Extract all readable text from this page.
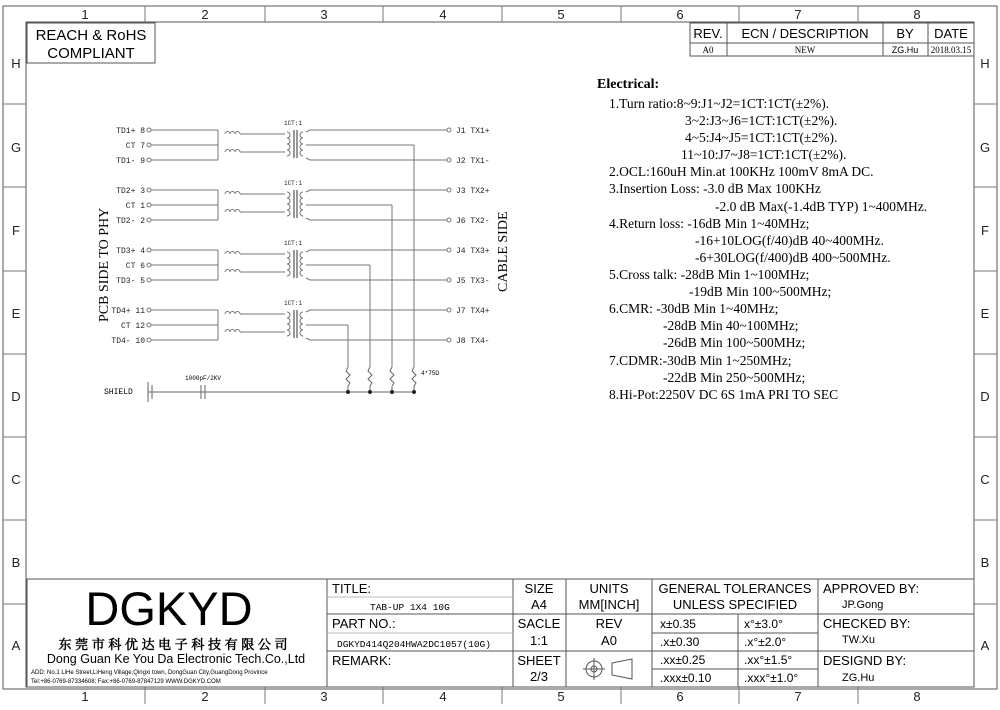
1	2	3	4	5	6	7	8
1	2	3	4	5	6	7	8
H
G
F
E
D
C
B
A
H
G
F
E
D
C
B
A
REACH & RoHS
COMPLIANT
REV. ECN / DESCRIPTION BY DATE
A0	NEW	ZG.Hu 2018.03.15
PCB SIDE TO PHY	CABLE SIDE
1CT:1
1CT:1
1CT:1
1CT:1
TD1+ 8
CT 7
TD1- 9
TD2+ 3
CT 1
TD2- 2
TD3+ 4
CT 6
TD3- 5
TD4+ 11
CT 12
TD4- 10
J1 TX1+
J2 TX1-
J3 TX2+
J6 TX2-
J4 TX3+
J5 TX3-
J7 TX4+
J8 TX4-
4*75Ω
SHIELD
1000pF/2KV
Electrical:
1.Turn ratio:8~9:J1~J2=1CT:1CT(±2%).
3~2:J3~J6=1CT:1CT(±2%).
4~5:J4~J5=1CT:1CT(±2%).
11~10:J7~J8=1CT:1CT(±2%).
2.OCL:160uH Min.at 100KHz 100mV 8mA DC.
3.Insertion Loss: -3.0 dB Max 100KHz
-2.0 dB Max(-1.4dB TYP) 1~400MHz.
4.Return loss: -16dB Min 1~40MHz;
-16+10LOG(f/40)dB 40~400MHz.
-6+30LOG(f/400)dB 400~500MHz.
5.Cross talk: -28dB Min 1~100MHz;
-19dB Min 100~500MHz;
6.CMR: -30dB Min 1~40MHz;
-28dB Min 40~100MHz;
-26dB Min 100~500MHz;
7.CDMR:-30dB Min 1~250MHz;
-22dB Min 250~500MHz;
8.Hi-Pot:2250V DC 6S 1mA PRI TO SEC
DGKYD
东 莞 市 科 优 达 电 子 科 技 有 限 公 司
Dong Guan Ke You Da Electronic Tech.Co.,Ltd
ADD: No.1 LiHe Street,LiHeng Village,Qingxi town, DongGuan City,GuangDong Province
Tel:+86-0769-87334608; Fax:+86-0769-87847129 WWW.DGKYD.COM
TITLE:
TAB-UP 1X4 10G
PART NO.:
DGKYD414Q204HWA2DC1057(10G)
REMARK:
SIZE
A4
SACLE
1:1
SHEET
2/3
UNITS
MM[INCH]
REV
A0
GENERAL TOLERANCES
UNLESS SPECIFIED
x±0.35	x°±3.0°
.x±0.30	.x°±2.0°
.xx±0.25	.xx°±1.5°
.xxx±0.10	.xxx°±1.0°
APPROVED BY:
JP.Gong
CHECKED BY:
TW.Xu
DESIGND BY:
ZG.Hu
